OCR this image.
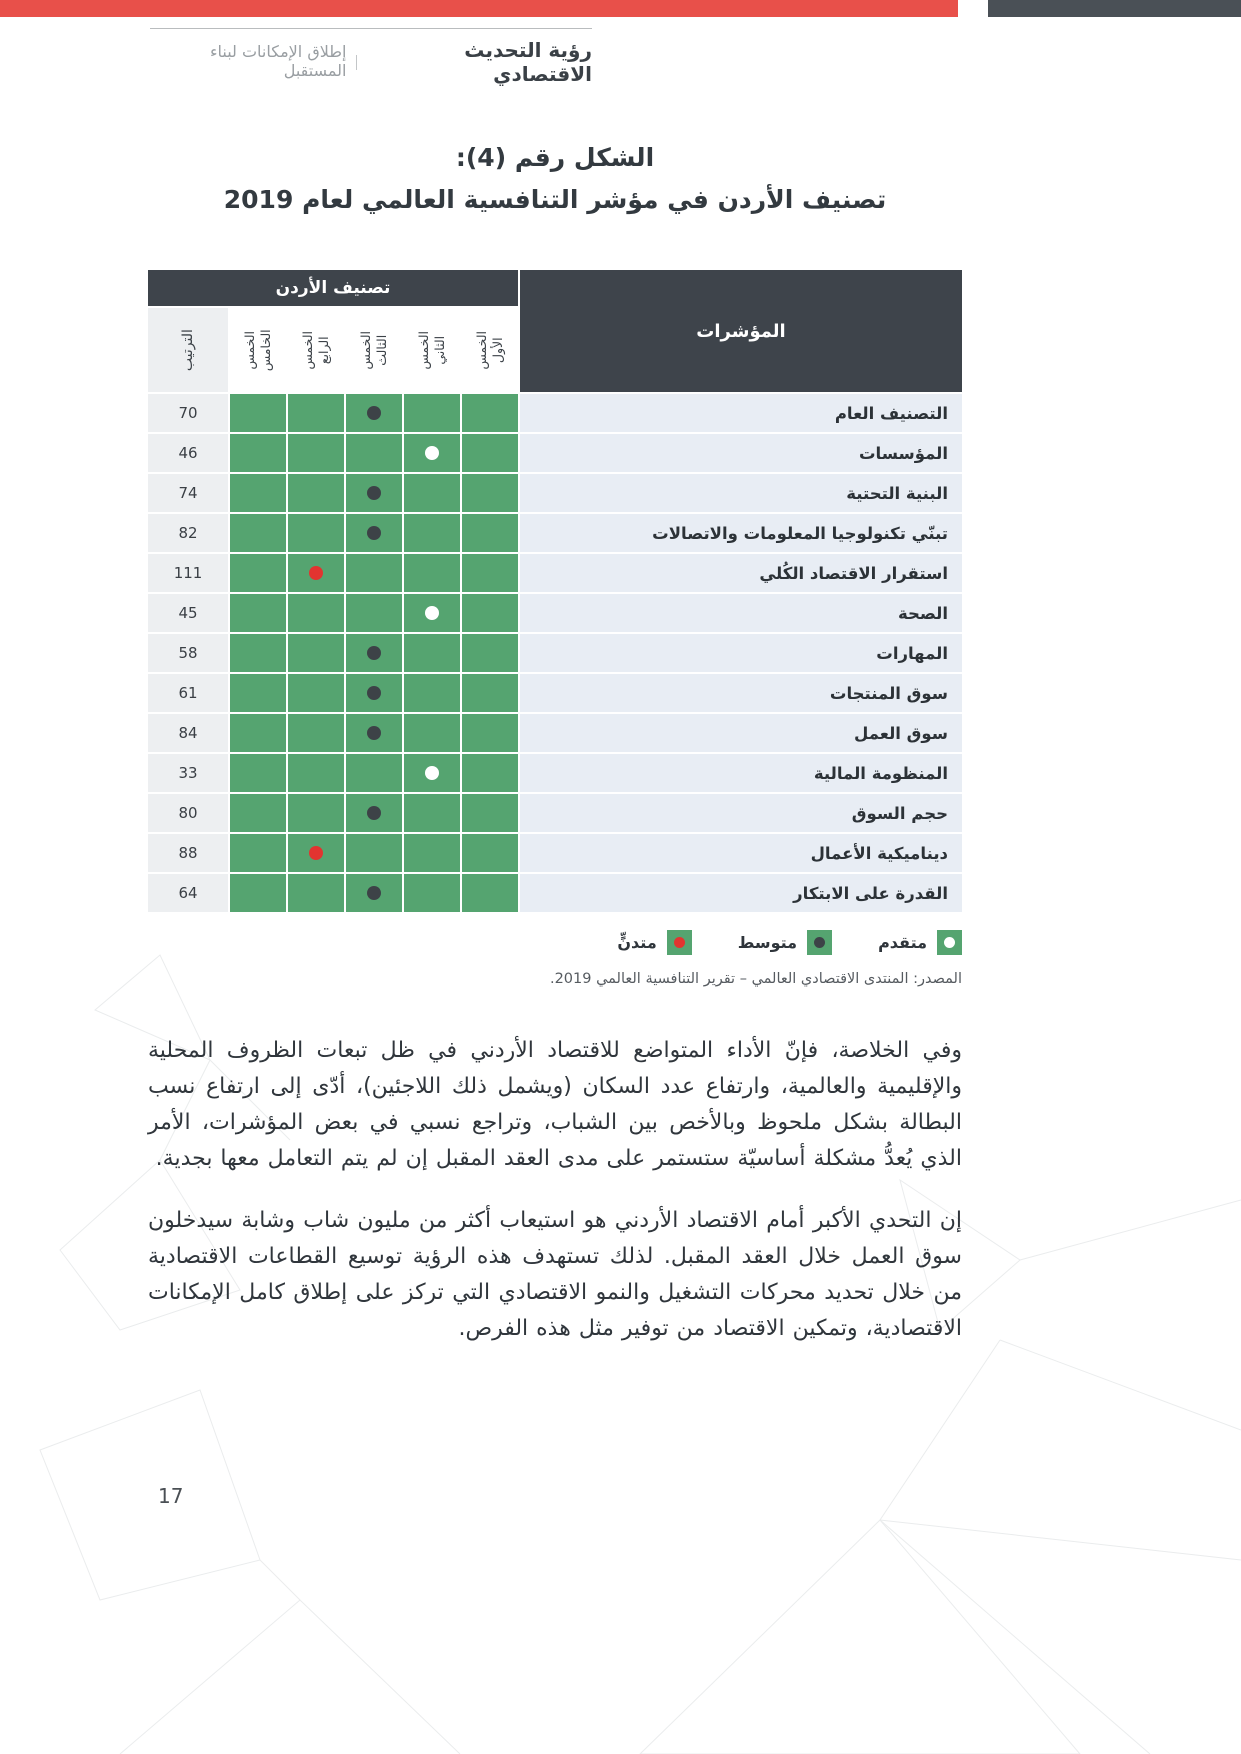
رؤية التحديث الاقتصادي
إطلاق الإمكانات لبناء المستقبل
الشكل رقم (4):
تصنيف الأردن في مؤشر التنافسية العالمي لعام 2019
المؤشرات
تصنيف الأردن
الخمس الأول
الخمس الثاني
الخمس الثالث
الخمس الرابع
الخمس الخامس
الترتيب
التصنيف العام
70
المؤسسات
46
البنية التحتية
74
تبنّي تكنولوجيا المعلومات والاتصالات
82
استقرار الاقتصاد الكُلي
111
الصحة
45
المهارات
58
سوق المنتجات
61
سوق العمل
84
المنظومة المالية
33
حجم السوق
80
ديناميكية الأعمال
88
القدرة على الابتكار
64
متقدم
متوسط
متدنٍّ
المصدر: المنتدى الاقتصادي العالمي – تقرير التنافسية العالمي 2019.

وفي الخلاصة، فإنّ الأداء المتواضع للاقتصاد الأردني في ظل تبعات الظروف المحلية والإقليمية والعالمية، وارتفاع عدد السكان (ويشمل ذلك اللاجئين)، أدّى إلى ارتفاع نسب البطالة بشكل ملحوظ وبالأخص بين الشباب، وتراجع نسبي في بعض المؤشرات، الأمر الذي يُعدُّ مشكلة أساسيّة ستستمر على مدى العقد المقبل إن لم يتم التعامل معها بجدية.

إن التحدي الأكبر أمام الاقتصاد الأردني هو استيعاب أكثر من مليون شاب وشابة سيدخلون سوق العمل خلال العقد المقبل. لذلك تستهدف هذه الرؤية توسيع القطاعات الاقتصادية من خلال تحديد محركات التشغيل والنمو الاقتصادي التي تركز على إطلاق كامل الإمكانات الاقتصادية، وتمكين الاقتصاد من توفير مثل هذه الفرص.

17
